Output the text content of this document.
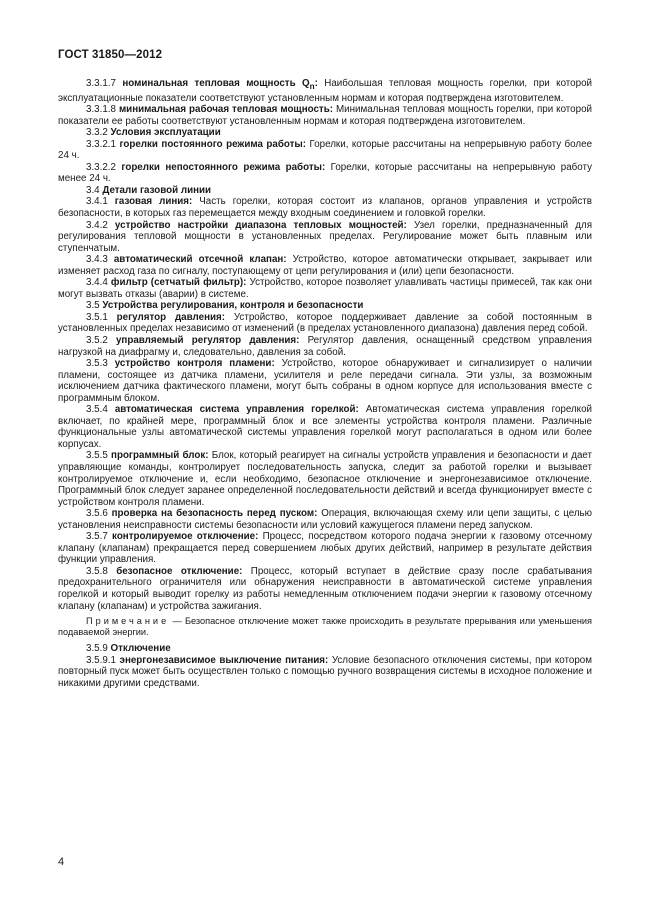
ГОСТ 31850—2012

3.3.1.7 номинальная тепловая мощность $Q_n$: Наибольшая тепловая мощность горелки, при которой эксплуатационные показатели соответствуют установленным нормам и которая подтверждена изготовителем.

3.3.1.8 минимальная рабочая тепловая мощность: Минимальная тепловая мощность горелки, при которой показатели ее работы соответствуют установленным нормам и которая подтверждена изготовителем.

3.3.2 Условия эксплуатации

3.3.2.1 горелки постоянного режима работы: Горелки, которые рассчитаны на непрерывную работу более 24 ч.

3.3.2.2 горелки непостоянного режима работы: Горелки, которые рассчитаны на непрерывную работу менее 24 ч.

3.4 Детали газовой линии

3.4.1 газовая линия: Часть горелки, которая состоит из клапанов, органов управления и устройств безопасности, в которых газ перемещается между входным соединением и головкой горелки.

3.4.2 устройство настройки диапазона тепловых мощностей: Узел горелки, предназначенный для регулирования тепловой мощности в установленных пределах. Регулирование может быть плавным или ступенчатым.

3.4.3 автоматический отсечной клапан: Устройство, которое автоматически открывает, закрывает или изменяет расход газа по сигналу, поступающему от цепи регулирования и (или) цепи безопасности.

3.4.4 фильтр (сетчатый фильтр): Устройство, которое позволяет улавливать частицы примесей, так как они могут вызвать отказы (аварии) в системе.

3.5 Устройства регулирования, контроля и безопасности

3.5.1 регулятор давления: Устройство, которое поддерживает давление за собой постоянным в установленных пределах независимо от изменений (в пределах установленного диапазона) давления перед собой.

3.5.2 управляемый регулятор давления: Регулятор давления, оснащенный средством управления нагрузкой на диафрагму и, следовательно, давления за собой.

3.5.3 устройство контроля пламени: Устройство, которое обнаруживает и сигнализирует о наличии пламени, состоящее из датчика пламени, усилителя и реле передачи сигнала. Эти узлы, за возможным исключением датчика фактического пламени, могут быть собраны в одном корпусе для использования вместе с программным блоком.

3.5.4 автоматическая система управления горелкой: Автоматическая система управления горелкой включает, по крайней мере, программный блок и все элементы устройства контроля пламени. Различные функциональные узлы автоматической системы управления горелкой могут располагаться в одном или более корпусах.

3.5.5 программный блок: Блок, который реагирует на сигналы устройств управления и безопасности и дает управляющие команды, контролирует последовательность запуска, следит за работой горелки и вызывает контролируемое отключение и, если необходимо, безопасное отключение и энергонезависимое отключение. Программный блок следует заранее определенной последовательности действий и всегда функционирует вместе с устройством контроля пламени.

3.5.6 проверка на безопасность перед пуском: Операция, включающая схему или цепи защиты, с целью установления неисправности системы безопасности или условий кажущегося пламени перед запуском.

3.5.7 контролируемое отключение: Процесс, посредством которого подача энергии к газовому отсечному клапану (клапанам) прекращается перед совершением любых других действий, например в результате действия функции управления.

3.5.8 безопасное отключение: Процесс, который вступает в действие сразу после срабатывания предохранительного ограничителя или обнаружения неисправности в автоматической системе управления горелкой и который выводит горелку из работы немедленным отключением подачи энергии к газовому отсечному клапану (клапанам) и устройства зажигания.

Примечание — Безопасное отключение может также происходить в результате прерывания или уменьшения подаваемой энергии.

3.5.9 Отключение

3.5.9.1 энергонезависимое выключение питания: Условие безопасного отключения системы, при котором повторный пуск может быть осуществлен только с помощью ручного возвращения системы в исходное положение и никакими другими средствами.

4
